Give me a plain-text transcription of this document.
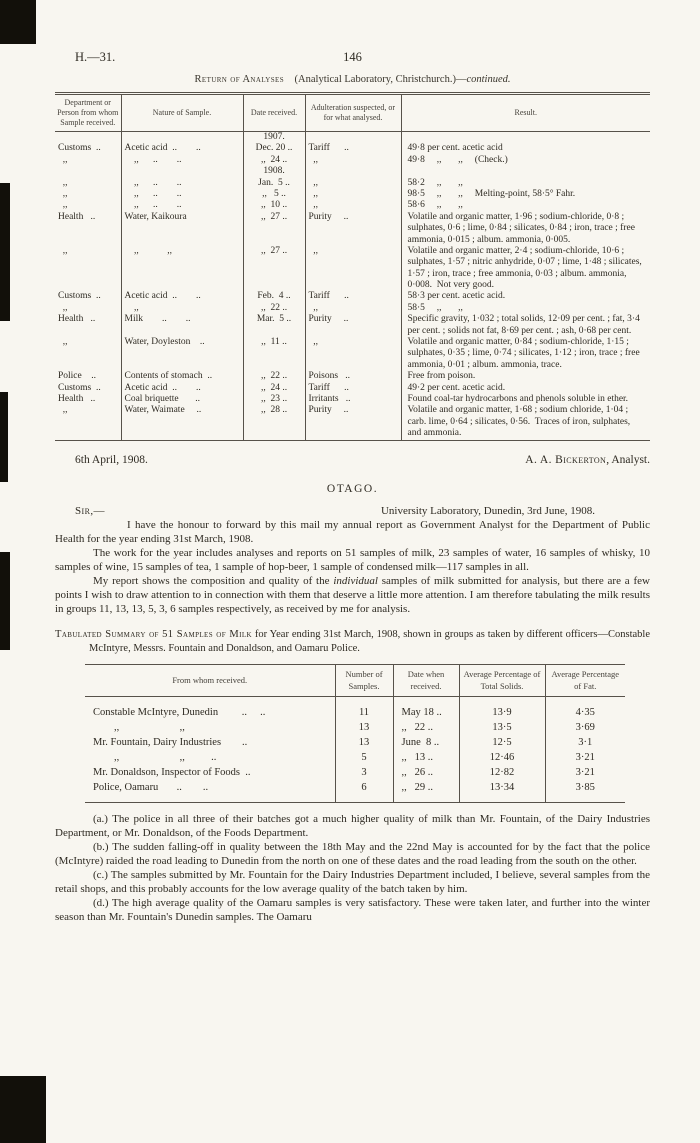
H.—31.	146
Return of Analyses    (Analytical Laboratory, Christchurch.)—continued.
Department or Person from whom Sample received.	Nature of Sample.	Date received.	Adulteration suspected, or for what analysed.	Result.
		1907.		
Customs  ..	Acetic acid  ..        ..	Dec. 20 ..	Tariff      ..	49·8 per cent. acetic acid
,,	,,      ..        ..	,,  24 ..	,,	49·8     ,,       ,,     (Check.)
		1908.		
,,	,,      ..        ..	Jan.  5 ..	,,	58·2     ,,       ,,
,,	,,      ..        ..	,,   5 ..	,,	98·5     ,,       ,,     Melting-point, 58·5° Fahr.
,,	,,      ..        ..	,,  10 ..	,,	58·6     ,,       ,,
Health   ..	Water, Kaikoura	,,  27 ..	Purity     ..	Volatile and organic matter, 1·96 ; sodium-chloride, 0·8 ; sulphates, 0·6 ; lime, 0·84 ; silicates, 0·84 ; iron, trace ; free ammonia, 0·015 ; album. ammonia, 0·005.
,,	,,            ,,	,,  27 ..	,,	Volatile and organic matter, 2·4 ; sodium-chloride, 10·6 ; sulphates, 1·57 ; nitric anhydride, 0·07 ; lime, 1·48 ; silicates, 1·57 ; iron, trace ; free ammonia, 0·03 ; album. ammonia, 0·008.  Not very good.
Customs  ..	Acetic acid  ..        ..	Feb.  4 ..	Tariff      ..	58·3 per cent. acetic acid.
,,	,,	,,  22 ..	,,	58·5     ,,       ,,
Health   ..	Milk        ..        ..	Mar.  5 ..	Purity     ..	Specific gravity, 1·032 ; total solids, 12·09 per cent. ; fat, 3·4 per cent. ; solids not fat, 8·69 per cent. ; ash, 0·68 per cent.
,,	Water, Doyleston    ..	,,  11 ..	,,	Volatile and organic matter, 0·84 ; sodium-chloride, 1·15 ; sulphates, 0·35 ; lime, 0·74 ; silicates, 1·12 ; iron, trace ; free ammonia, 0·01 ; album. ammonia, trace.
Police    ..	Contents of stomach  ..	,,  22 ..	Poisons   ..	Free from poison.
Customs  ..	Acetic acid  ..        ..	,,  24 ..	Tariff      ..	49·2 per cent. acetic acid.
Health   ..	Coal briquette       ..	,,  23 ..	Irritants   ..	Found coal-tar hydrocarbons and phenols soluble in ether.
,,	Water, Waimate     ..	,,  28 ..	Purity     ..	Volatile and organic matter, 1·68 ; sodium chloride, 1·04 ; carb. lime, 0·64 ; silicates, 0·56.  Traces of iron, sulphates, and ammonia.
6th April, 1908.	A. A. Bickerton, Analyst.
OTAGO.
Sir,—	University Laboratory, Dunedin, 3rd June, 1908.

I have the honour to forward by this mail my annual report as Government Analyst for the Department of Public Health for the year ending 31st March, 1908.

The work for the year includes analyses and reports on 51 samples of milk, 23 samples of water, 16 samples of whisky, 10 samples of wine, 15 samples of tea, 1 sample of hop-beer, 1 sample of condensed milk—117 samples in all.

My report shows the composition and quality of the individual samples of milk submitted for analysis, but there are a few points I wish to draw attention to in connection with them that deserve a little more attention. I am therefore tabulating the milk results in groups 11, 13, 13, 5, 3, 6 samples respectively, as received by me for analysis.

Tabulated Summary of 51 Samples of Milk for Year ending 31st March, 1908, shown in groups as taken by different officers—Constable McIntyre, Messrs. Fountain and Donaldson, and Oamaru Police.
From whom received.	Number of Samples.	Date when received.	Average Percentage of Total Solids.	Average Percentage of Fat.
Constable McIntyre, Dunedin         ..     ..	11	May 18 ..	13·9	4·35
,,                       ,,	13	,,   22 ..	13·5	3·69
Mr. Fountain, Dairy Industries        ..	13	June  8 ..	12·5	3·1
,,                       ,,          ..	5	,,   13 ..	12·46	3·21
Mr. Donaldson, Inspector of Foods  ..	3	,,   26 ..	12·82	3·21
Police, Oamaru       ..        ..	6	,,   29 ..	13·34	3·85

(a.) The police in all three of their batches got a much higher quality of milk than Mr. Fountain, of the Dairy Industries Department, or Mr. Donaldson, of the Foods Department.

(b.) The sudden falling-off in quality between the 18th May and the 22nd May is accounted for by the fact that the police (McIntyre) raided the road leading to Dunedin from the north on one of these dates and the road leading from the south on the other.

(c.) The samples submitted by Mr. Fountain for the Dairy Industries Department included, I believe, several samples from the retail shops, and this probably accounts for the low average quality of the batch taken by him.

(d.) The high average quality of the Oamaru samples is very satisfactory. These were taken later, and further into the winter season than Mr. Fountain's Dunedin samples. The Oamaru
